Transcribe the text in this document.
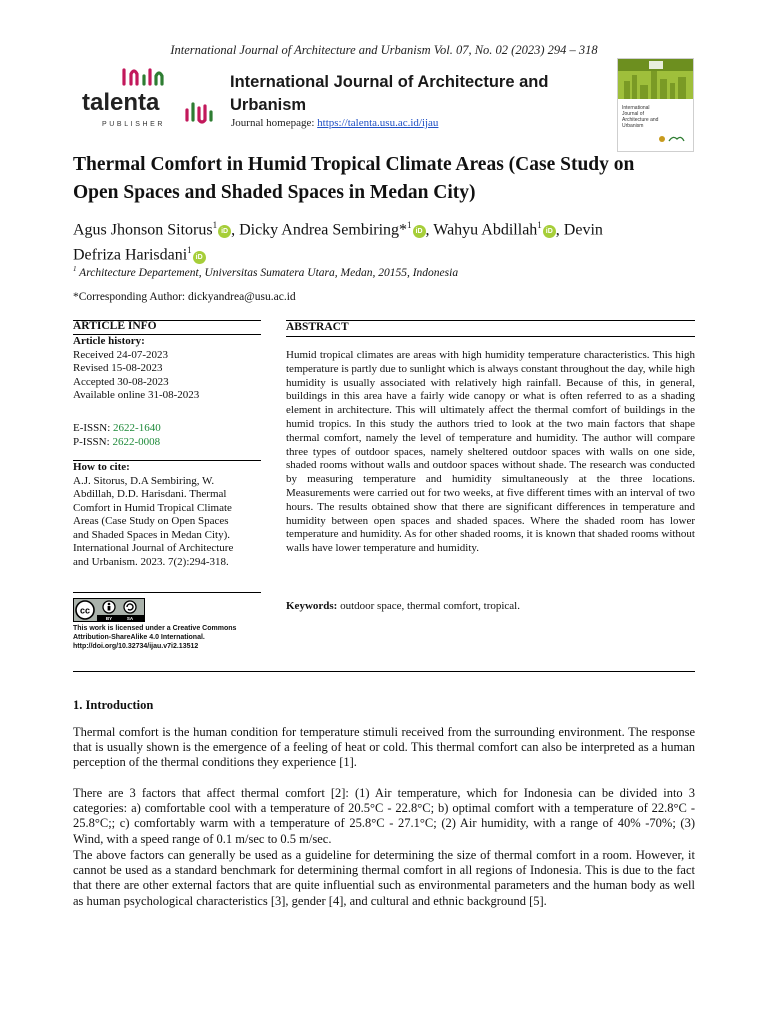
International Journal of Architecture and Urbanism Vol. 07, No. 02 (2023) 294 – 318
talenta
PUBLISHER
International Journal of Architecture and
Urbanism
Journal homepage: https://talenta.usu.ac.id/ijau
International
Journal of
Architecture and
Urbanism
Thermal Comfort in Humid Tropical Climate Areas (Case Study on
Open Spaces and Shaded Spaces in Medan City)
Agus Jhonson Sitorus$^1$iD , Dicky Andrea Sembiring*$^1$iD , Wahyu Abdillah$^1$iD , Devin
Defriza Harisdani$^1$iD
$^1$ Architecture Departement, Universitas Sumatera Utara, Medan, 20155, Indonesia
*Corresponding Author: dickyandrea@usu.ac.id
ARTICLE INFO
Article history:
Received 24-07-2023
Revised 15-08-2023
Accepted 30-08-2023
Available online 31-08-2023
E-ISSN: 2622-1640
P-ISSN: 2622-0008
How to cite:
A.J. Sitorus, D.A Sembiring, W.
Abdillah, D.D. Harisdani. Thermal
Comfort in Humid Tropical Climate
Areas (Case Study on Open Spaces
and Shaded Spaces in Medan City).
International Journal of Architecture
and Urbanism. 2023. 7(2):294-318.
cc
BY	SA
This work is licensed under a Creative Commons
Attribution-ShareAlike 4.0 International.
http://doi.org/10.32734/ijau.v7i2.13512
ABSTRACT
Humid tropical climates are areas with high humidity temperature characteristics. This high temperature is partly due to sunlight which is always constant throughout the day, while high humidity is usually associated with relatively high rainfall. Because of this, in general, buildings in this area have a fairly wide canopy or what is often referred to as a shading element in architecture. This will ultimately affect the thermal comfort of buildings in the humid tropics. In this study the authors tried to look at the two main factors that shape thermal comfort, namely the level of temperature and humidity. The author will compare three types of outdoor spaces, namely sheltered outdoor spaces with walls on one side, shaded rooms without walls and outdoor spaces without shade. The research was conducted by measuring temperature and humidity simultaneously at the three locations. Measurements were carried out for two weeks, at five different times with an interval of two hours. The results obtained show that there are significant differences in temperature and humidity between open spaces and shaded spaces. Where the shaded room has lower temperature and humidity. As for other shaded rooms, it is known that shaded rooms without walls have lower temperature and humidity.
Keywords: outdoor space, thermal comfort, tropical.
1. Introduction
Thermal comfort is the human condition for temperature stimuli received from the surrounding environment. The response that is usually shown is the emergence of a feeling of heat or cold. This thermal comfort can also be interpreted as a human perception of the thermal conditions they experience [1].
There are 3 factors that affect thermal comfort [2]: (1) Air temperature, which for Indonesia can be divided into 3 categories: a) comfortable cool with a temperature of 20.5°C - 22.8°C; b) optimal comfort with a temperature of 22.8°C - 25.8°C;; c) comfortably warm with a temperature of 25.8°C - 27.1°C; (2) Air humidity, with a range of 40% -70%; (3) Wind, with a speed range of 0.1 m/sec to 0.5 m/sec.
The above factors can generally be used as a guideline for determining the size of thermal comfort in a room. However, it cannot be used as a standard benchmark for determining thermal comfort in all regions of Indonesia. This is due to the fact that there are other external factors that are quite influential such as environmental parameters and the human body as well as human psychological characteristics [3], gender [4], and cultural and ethnic background [5].
